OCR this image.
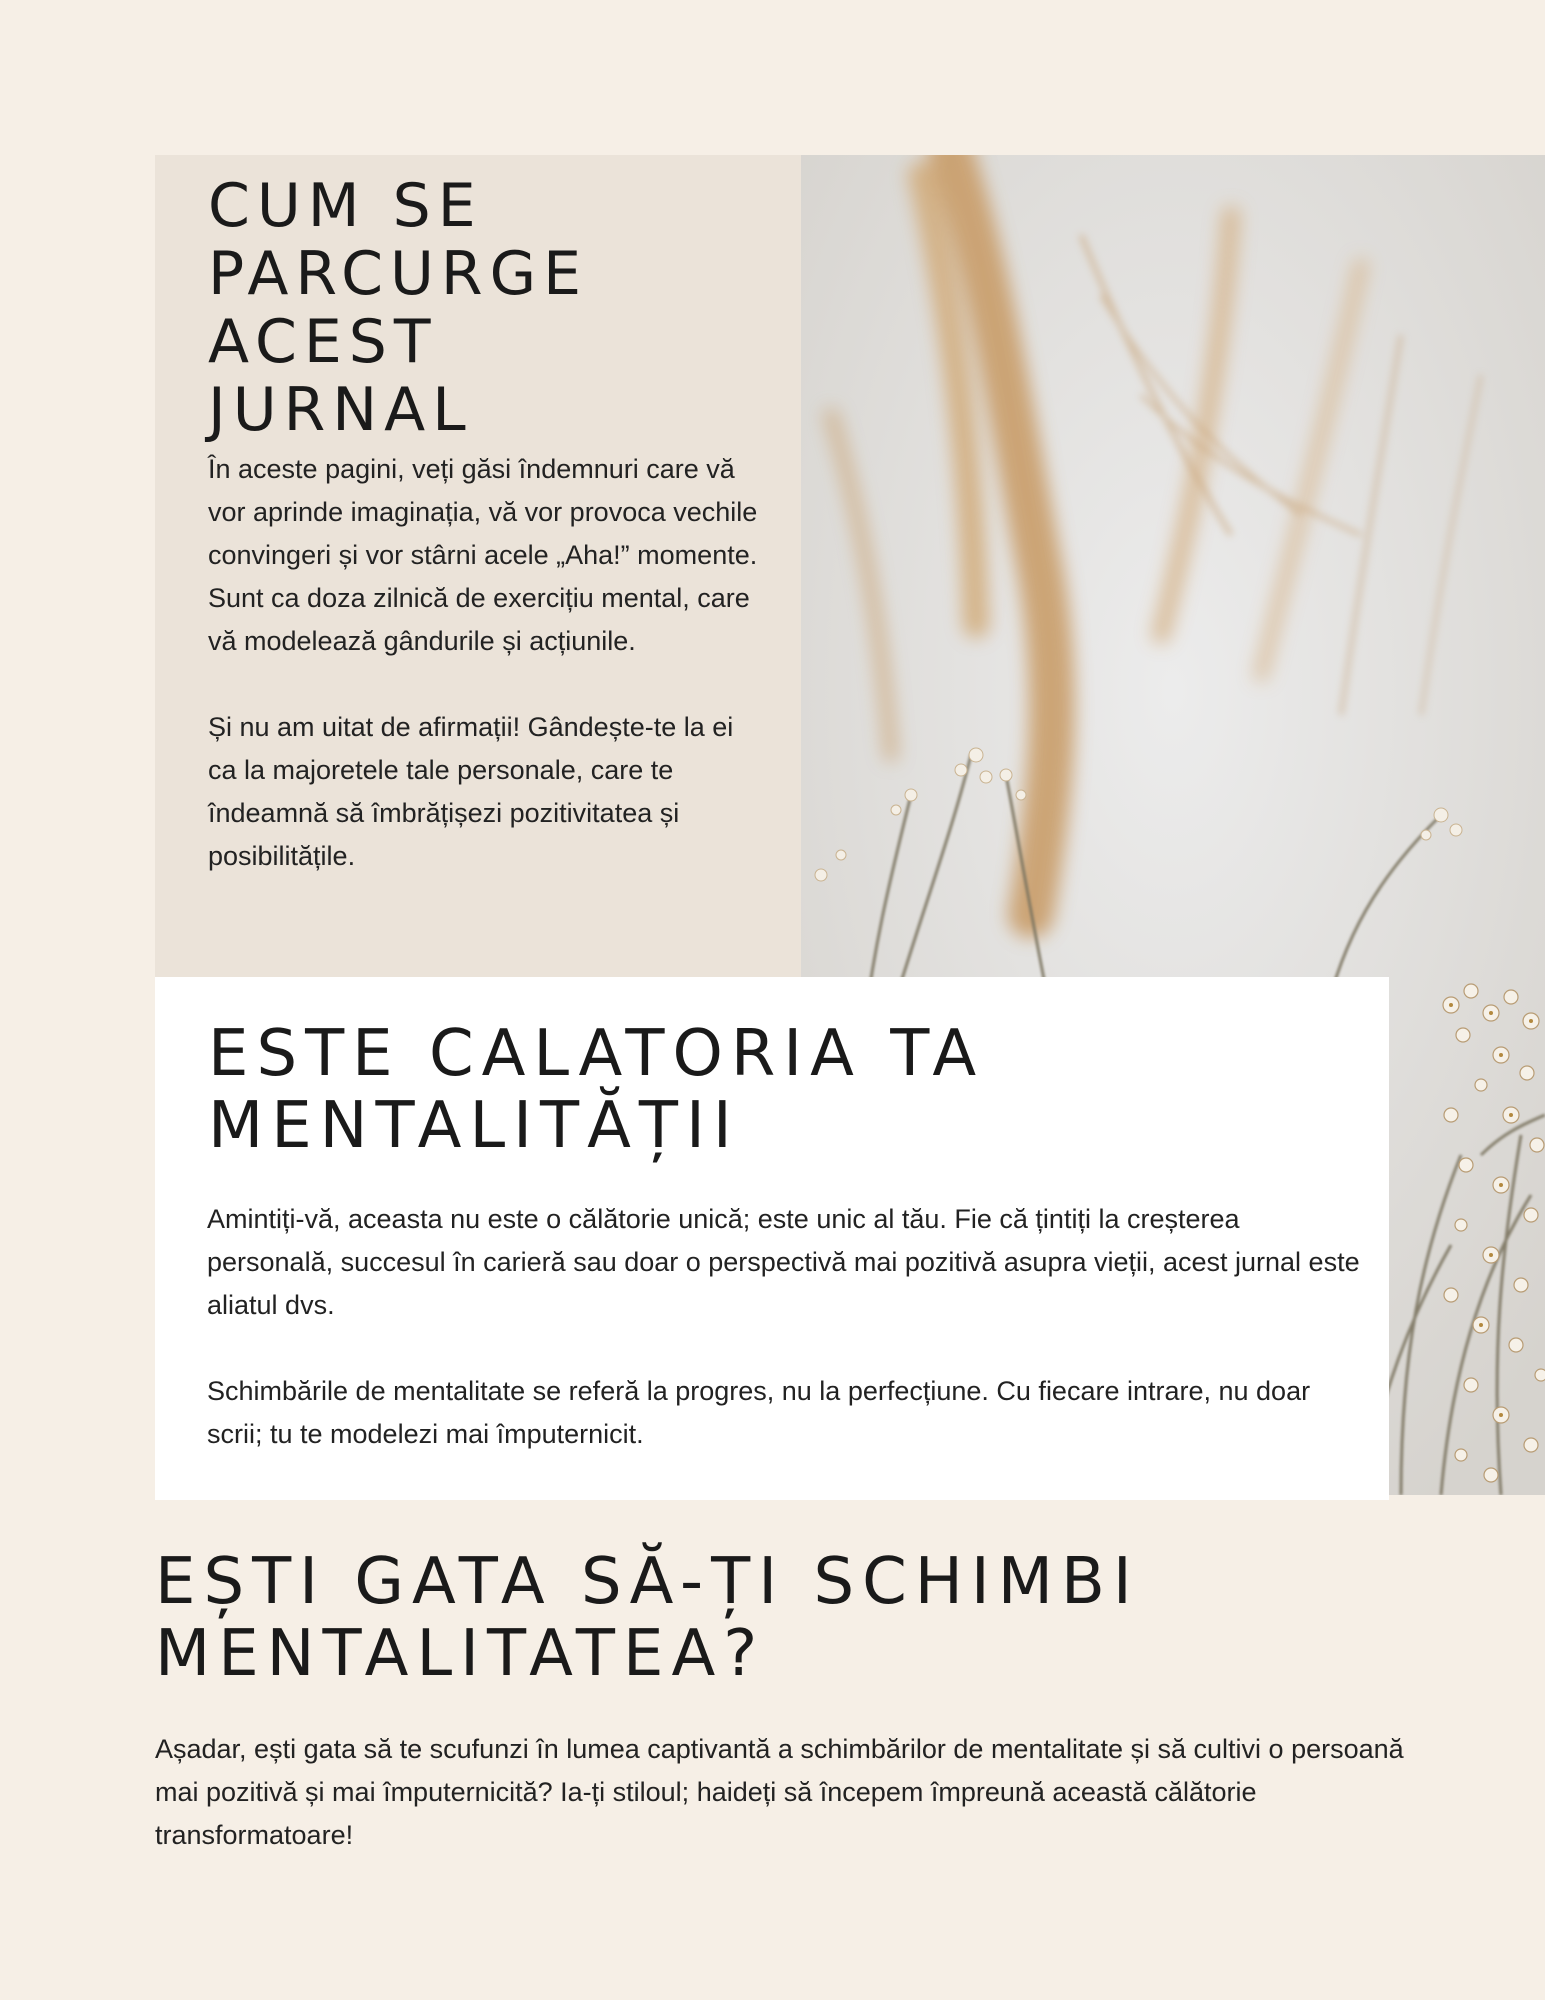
CUM SE
PARCURGE
ACEST
JURNAL

În aceste pagini, veți găsi îndemnuri care vă vor aprinde imaginația, vă vor provoca vechile convingeri și vor stârni acele „Aha!” momente. Sunt ca doza zilnică de exercițiu mental, care vă modelează gândurile și acțiunile.

Și nu am uitat de afirmații! Gândește-te la ei ca la majoretele tale personale, care te îndeamnă să îmbrățișezi pozitivitatea și posibilitățile.

ESTE CALATORIA TA
MENTALITĂȚII

Amintiți-vă, aceasta nu este o călătorie unică; este unic al tău. Fie că țintiți la creșterea personală, succesul în carieră sau doar o perspectivă mai pozitivă asupra vieții, acest jurnal este aliatul dvs.

Schimbările de mentalitate se referă la progres, nu la perfecțiune. Cu fiecare intrare, nu doar scrii; tu te modelezi mai împuternicit.

EȘTI GATA SĂ-ȚI SCHIMBI
MENTALITATEA?

Așadar, ești gata să te scufunzi în lumea captivantă a schimbărilor de mentalitate și să cultivi o persoană mai pozitivă și mai împuternicită? Ia-ți stiloul; haideți să începem împreună această călătorie transformatoare!
